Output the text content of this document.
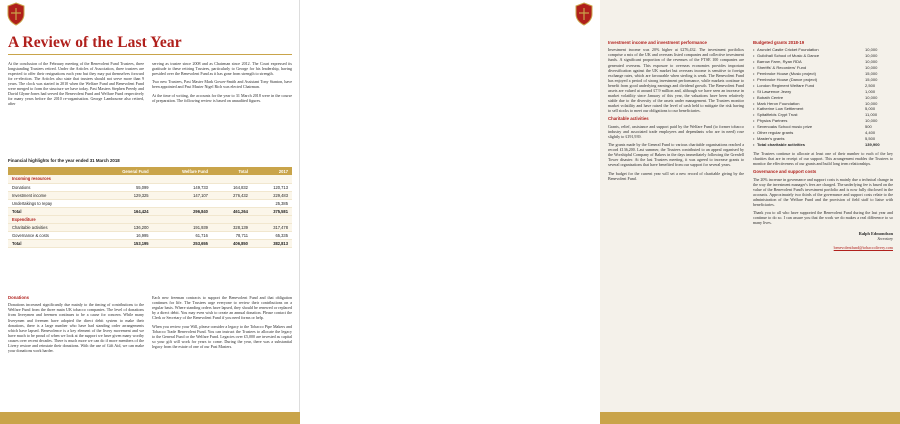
A Review of the Last Year

At the conclusion of the February meeting of the Benevolent Fund Trustees, three longstanding Trustees retired. Under the Articles of Association, three trustees are expected to offer their resignations each year but they may put themselves forward for re-election. The Articles also state that trustees should not serve more than 9 years. The clock was started in 2010 when the Welfare Fund and Benevolent Fund were merged to form the structure we have today. Past Masters Stephen Preedy and David Glynn-Jones had served the Benevolent Fund and Welfare Fund respectively for many years before the 2010 re-organisation. George Lambourne also retired, after

serving as trustee since 2008 and as Chairman since 2012. The Court expressed its gratitude to these retiring Trustees, particularly to George for his leadership, having presided over the Benevolent Fund as it has gone from strength to strength.

Two new Trustees, Past Master Mark Gower-Smith and Assistant Tony Stanton, have been appointed and Past Master Nigel Rich was elected Chairman.

At the time of writing, the accounts for the year to 31 March 2018 were in the course of preparation. The following review is based on unaudited figures.

Financial highlights for the year ended 31 March 2018
	General Fund	Welfare Fund	Total	2017
Incoming resources				
Donations	55,099	149,733	164,832	120,713
Investment income	129,325	147,107	276,432	229,483
Undertakings to repay				25,385
Total	164,424	296,840	461,264	375,581
Expenditure				
Charitable activities	136,200	191,939	328,139	317,478
Governance & costs	16,995	61,716	78,711	65,335
Total	153,195	253,655	406,850	382,813
Donations

Donations increased significantly due mainly to the timing of contributions to the Welfare Fund from the three main UK tobacco companies. The level of donations from liverymen and freemen continues to be a cause for concern. While many liverymen and freemen have adopted the direct debit system to make their donations, there is a large number who have had standing order arrangements which have lapsed. Benevolence is a key element of the livery movement and we have much to be proud of when we look at the support we have given many worthy causes over recent decades. There is much more we can do if more members of the Livery restore and reinstate their donations. With the use of Gift Aid, we can make your donations work harder.

Each new freeman contracts to support the Benevolent Fund and that obligation continues for life. The Trustees urge everyone to review their contributions on a regular basis. Where standing orders have lapsed, they should be renewed or replaced by a direct debit. You may even wish to create an annual donation. Please contact the Clerk or Secretary of the Benevolent Fund if you need forms or help.

When you review your Will, please consider a legacy to the Tobacco Pipe Makers and Tobacco Trade Benevolent Fund. You can instruct the Trustees to allocate the legacy to the General Fund or the Welfare Fund. Legacies over £5,000 are invested as capital so your gift will work for years to come. During the year, there was a substantial legacy from the estate of one of our Past Masters.

Investment income and investment performance

Investment income was 20% higher at £276,432. The investment portfolios comprise a mix of the UK and overseas listed companies and collective investment funds. A significant proportion of the revenues of the FTSE 100 companies are generated overseas. This exposure to overseas economies provides important diversification against the UK market but overseas income is sensitive to foreign exchange rates, which are favourable when sterling is weak. The Benevolent Fund has enjoyed a period of strong investment performance, while markets continue to benefit from good underlying earnings and dividend growth. The Benevolent Fund assets are valued at around £7.9 million and, although we have seen an increase in market volatility since January of this year, the valuations have been relatively stable due to the diversity of the assets under management. The Trustees monitor market volatility and have raised the level of cash held to mitigate the risk having to sell stocks to meet our obligations to our beneficiaries.

Charitable activities

Grants, relief, assistance and support paid by the Welfare Fund (to former tobacco industry and associated trade employees and dependants who are in need) rose slightly to £191,939.

The grants made by the General Fund to various charitable organisations reached a record £136,200. Last summer, the Trustees contributed to an appeal organised by the Worshipful Company of Bakers in the days immediately following the Grenfell Tower disaster. At the last Trustees meeting, it was agreed to increase grants to several organisations that have benefited from our support for several years.

The budget for the current year will set a new record of charitable giving by the Benevolent Fund.

Budgeted grants 2018-19
• Arundel Castle Cricket Foundation	10,000
• Guildhall School of Music & Dance	10,000
• Barrow Farm, Ryan RDA	10,000
• Sheriffs' & Recorders' Fund	10,000
• Pembroke House (Music project)	15,000
• Pembroke House (Dance project)	15,000
• London Regiment Welfare Fund	2,500
• St Lawrence Jewry	1,000
• Bobath Centre	10,000
• Mark Heron Foundation	10,000
• Katherine Low Settlement	5,000
• Spitalfields Crypt Trust	11,000
• Physics Partners	10,000
• Sevenoaks School music prize	500
• Other regular grants	4,400
• Master's grants	5,500
• Total charitable activities	139,900

The Trustees continue to allocate at least one of their number to each of the key charities that are in receipt of our support. This arrangement enables the Trustees to monitor the effectiveness of our grants and build long term relationships.

Governance and support costs

The 20% increase in governance and support costs is mainly due a technical change in the way the investment manager's fees are charged. The underlying fee is based on the value of the Benevolent Fund's investment portfolio and is now fully disclosed in the accounts. Approximately two thirds of the governance and support costs relate to the administration of the Welfare Fund and the provision of field staff to liaise with beneficiaries.

Thank you to all who have supported the Benevolent Fund during the last year and continue to do so. I can assure you that the work we do makes a real difference to so many lives.

Ralph Edmondson
Secretary
benevolentfund@tobaccolivery.com
